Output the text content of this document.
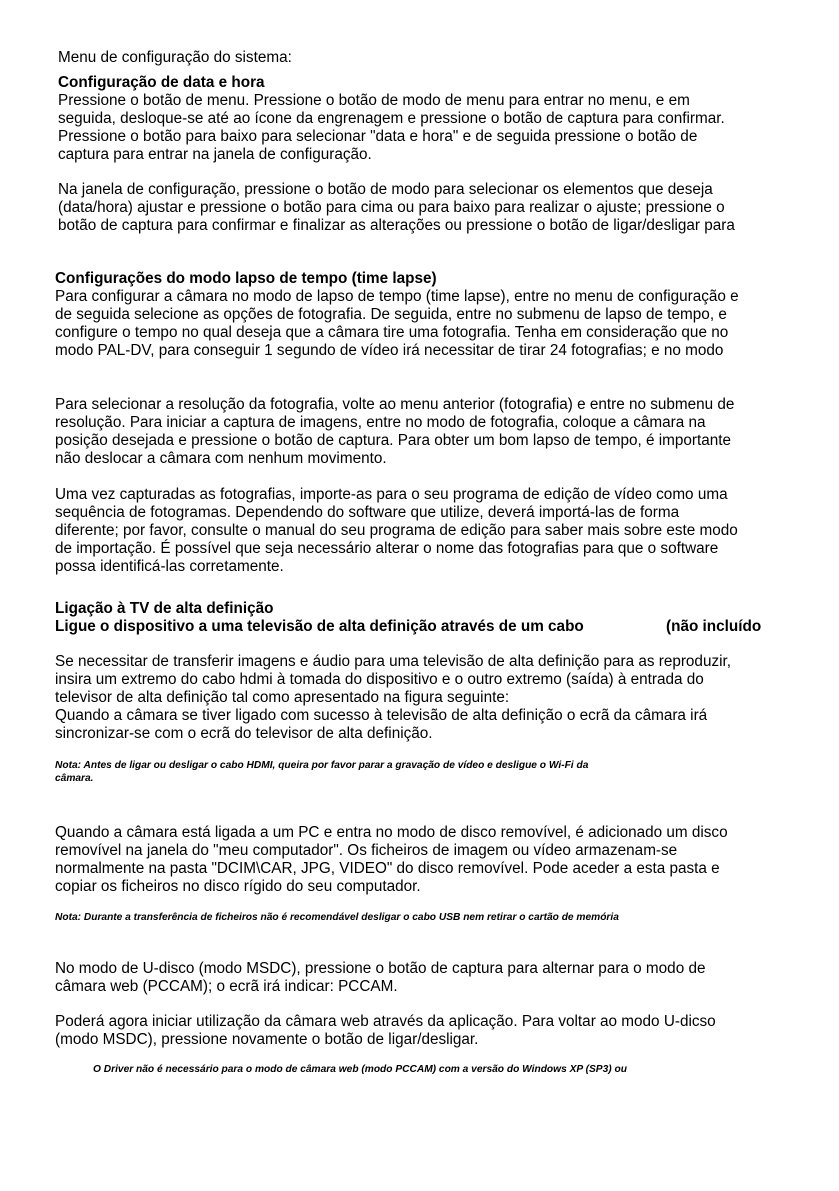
Menu de configuração do sistema:
Configuração de data e hora
Pressione o botão de menu. Pressione o botão de modo de menu para entrar no menu, e em
seguida, desloque-se até ao ícone da engrenagem e pressione o botão de captura para confirmar.
Pressione o botão para baixo para selecionar "data e hora" e de seguida pressione o botão de
captura para entrar na janela de configuração.
Na janela de configuração, pressione o botão de modo para selecionar os elementos que deseja
(data/hora) ajustar e pressione o botão para cima ou para baixo para realizar o ajuste; pressione o
botão de captura para confirmar e finalizar as alterações ou pressione o botão de ligar/desligar para
Configurações do modo lapso de tempo (time lapse)
Para configurar a câmara no modo de lapso de tempo (time lapse), entre no menu de configuração e
de seguida selecione as opções de fotografia. De seguida, entre no submenu de lapso de tempo, e
configure o tempo no qual deseja que a câmara tire uma fotografia. Tenha em consideração que no
modo PAL-DV, para conseguir 1 segundo de vídeo irá necessitar de tirar 24 fotografias; e no modo
Para selecionar a resolução da fotografia, volte ao menu anterior (fotografia) e entre no submenu de
resolução. Para iniciar a captura de imagens, entre no modo de fotografia, coloque a câmara na
posição desejada e pressione o botão de captura. Para obter um bom lapso de tempo, é importante
não deslocar a câmara com nenhum movimento.
Uma vez capturadas as fotografias, importe-as para o seu programa de edição de vídeo como uma
sequência de fotogramas. Dependendo do software que utilize, deverá importá-las de forma
diferente; por favor, consulte o manual do seu programa de edição para saber mais sobre este modo
de importação. É possível que seja necessário alterar o nome das fotografias para que o software
possa identificá-las corretamente.
Ligação à TV de alta definição
Ligue o dispositivo a uma televisão de alta definição através de um cabo	(não incluído
Se necessitar de transferir imagens e áudio para uma televisão de alta definição para as reproduzir,
insira um extremo do cabo hdmi à tomada do dispositivo e o outro extremo (saída) à entrada do
televisor de alta definição tal como apresentado na figura seguinte:
Quando a câmara se tiver ligado com sucesso à televisão de alta definição o ecrã da câmara irá
sincronizar-se com o ecrã do televisor de alta definição.
Nota: Antes de ligar ou desligar o cabo HDMI, queira por favor parar a gravação de vídeo e desligue o Wi-Fi da
câmara.
Quando a câmara está ligada a um PC e entra no modo de disco removível, é adicionado um disco
removível na janela do "meu computador". Os ficheiros de imagem ou vídeo armazenam-se
normalmente na pasta "DCIM\CAR, JPG, VIDEO" do disco removível. Pode aceder a esta pasta e
copiar os ficheiros no disco rígido do seu computador.
Nota: Durante a transferência de ficheiros não é recomendável desligar o cabo USB nem retirar o cartão de memória
No modo de U-disco (modo MSDC), pressione o botão de captura para alternar para o modo de
câmara web (PCCAM); o ecrã irá indicar: PCCAM.
Poderá agora iniciar utilização da câmara web através da aplicação. Para voltar ao modo U-dicso
(modo MSDC), pressione novamente o botão de ligar/desligar.
O Driver não é necessário para o modo de câmara web (modo PCCAM) com a versão do Windows XP (SP3) ou
